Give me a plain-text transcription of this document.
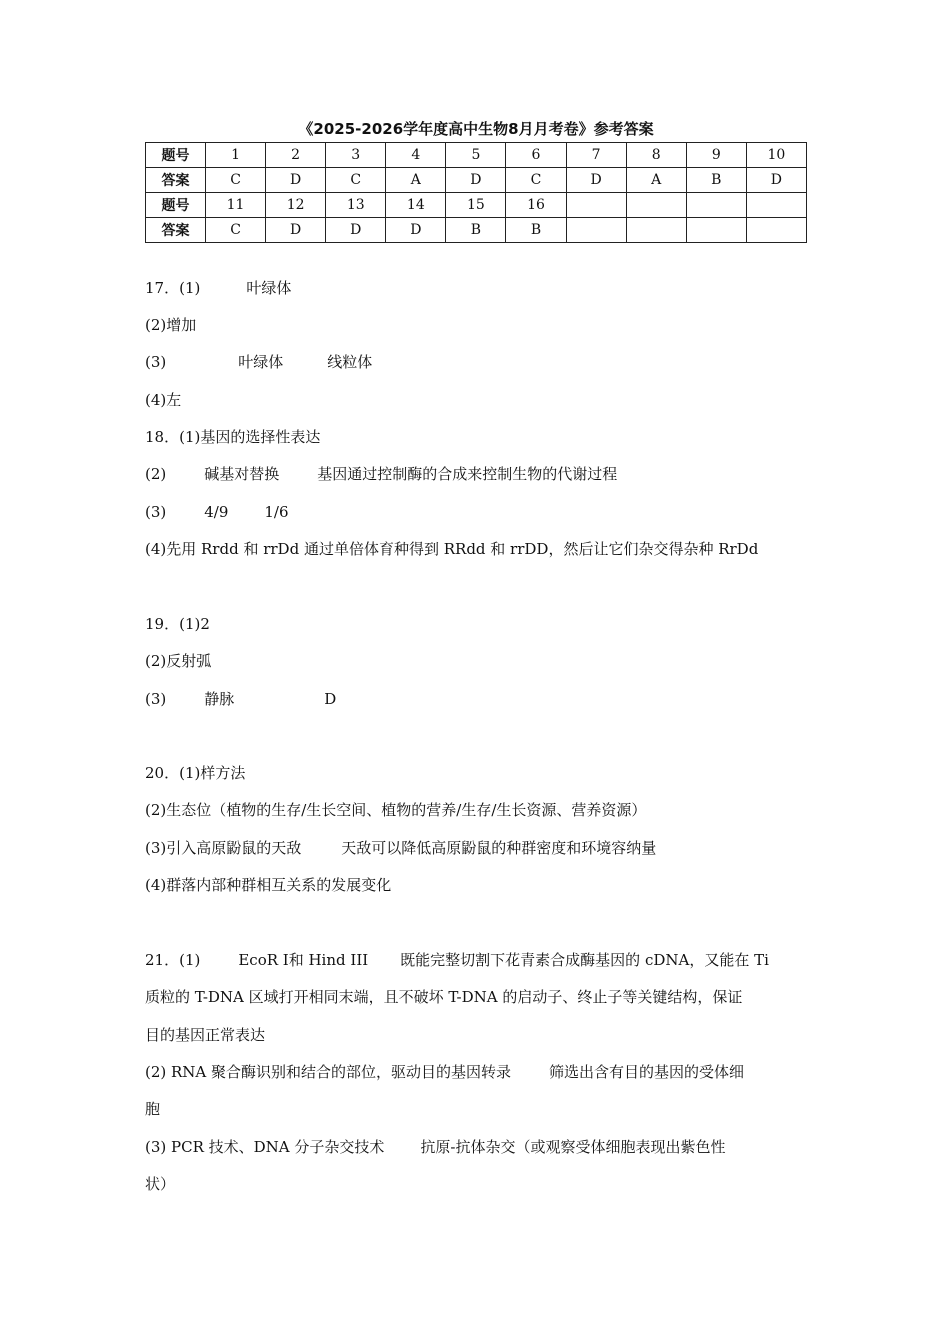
《2025-2026学年度高中生物8月月考卷》参考答案
题号	1	2	3	4	5	6	7	8	9	10
答案	C	D	C	A	D	C	D	A	B	D
题号	11	12	13	14	15	16				
答案	C	D	D	D	B	B				
17．(1)	叶绿体
(2)增加
(3)	叶绿体	线粒体
(4)左
18．(1)基因的选择性表达
(2)	碱基对替换	基因通过控制酶的合成来控制生物的代谢过程
(3)	4/9 1/6
(4)先用 Rrdd 和 rrDd 通过单倍体育种得到 RRdd 和 rrDD，然后让它们杂交得杂种 RrDd
19．(1)2
(2)反射弧
(3)	静脉	D
20．(1)样方法
(2)生态位（植物的生存/生长空间、植物的营养/生存/生长资源、营养资源）
(3)引入高原鼢鼠的天敌	天敌可以降低高原鼢鼠的种群密度和环境容纳量
(4)群落内部种群相互关系的发展变化
21．(1)	EcoR I和 Hind III 既能完整切割下花青素合成酶基因的 cDNA，又能在 Ti
质粒的 T-DNA 区域打开相同末端，且不破坏 T-DNA 的启动子、终止子等关键结构，保证
目的基因正常表达
(2) RNA 聚合酶识别和结合的部位，驱动目的基因转录	筛选出含有目的基因的受体细
胞
(3) PCR 技术、DNA 分子杂交技术 抗原-抗体杂交（或观察受体细胞表现出紫色性
状）
